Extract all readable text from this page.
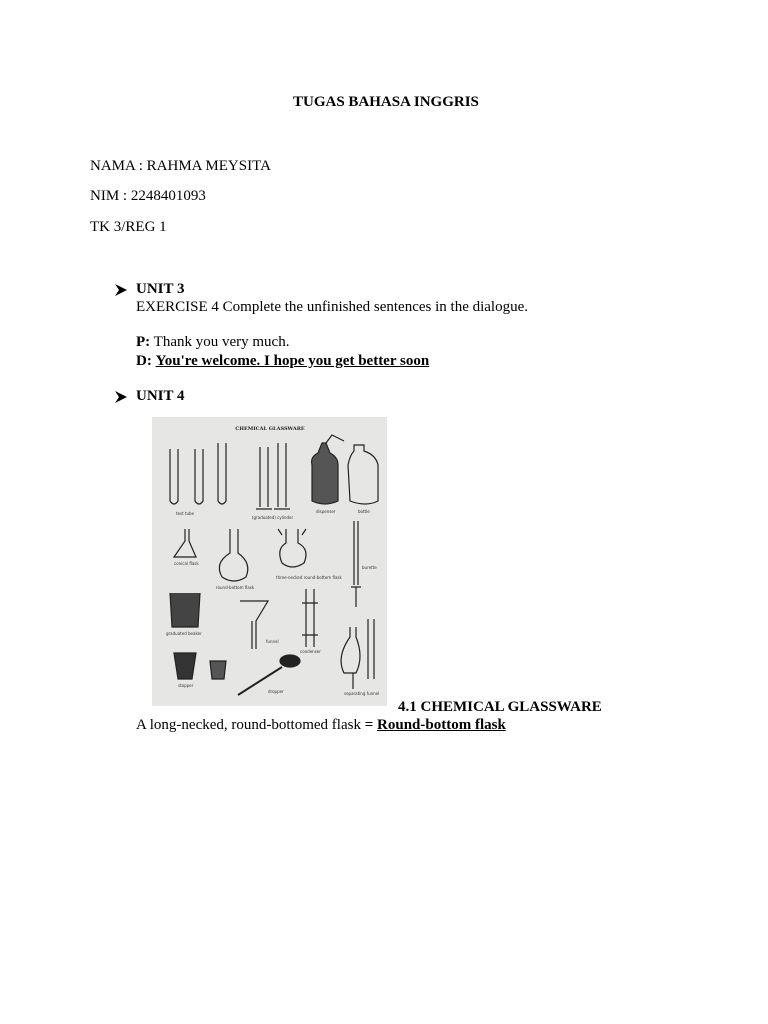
TUGAS BAHASA INGGRIS
NAMA : RAHMA MEYSITA
NIM : 2248401093
TK 3/REG 1
UNIT 3
EXERCISE 4 Complete the unfinished sentences in the dialogue.
P: Thank you very much.
D: You're welcome. I hope you get better soon
UNIT 4
CHEMICAL GLASSWARE
test tube
(graduated) cylinder
dispenser	bottle
conical flask
round-bottom flask
three-necked round-bottom flask
burette
graduated beaker
funnel
condenser
stopper
dropper	separating funnel
4.1 CHEMICAL GLASSWARE
A long-necked, round-bottomed flask = Round-bottom flask
